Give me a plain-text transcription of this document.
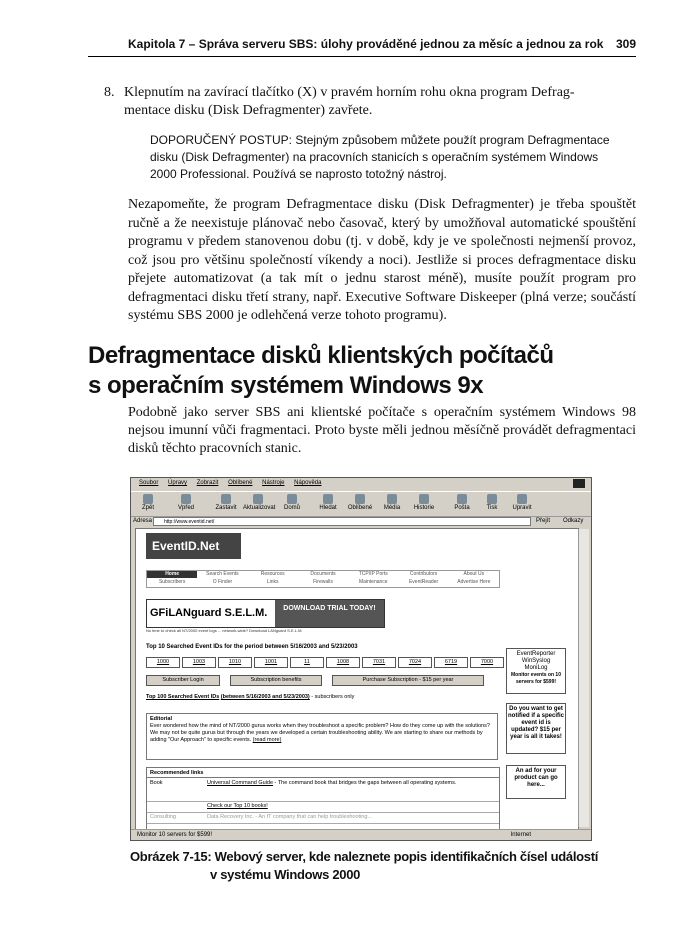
Kapitola 7 – Správa serveru SBS: úlohy prováděné jednou za měsíc a jednou za rok 309
8. Klepnutím na zavírací tlačítko (X) v pravém horním rohu okna program Defrag-
mentace disku (Disk Defragmenter) zavřete.
DOPORUČENÝ POSTUP: Stejným způsobem můžete použít program Defragmentace
disku (Disk Defragmenter) na pracovních stanicích s operačním systémem Windows
2000 Professional. Používá se naprosto totožný nástroj.
Nezapomeňte, že program Defragmentace disku (Disk Defragmenter) je třeba spouštět ručně a že neexistuje plánovač nebo časovač, který by umožňoval automatické spouštění programu v předem stanovenou dobu (tj. v době, kdy je ve společnosti nejmenší provoz, což jsou pro většinu společností víkendy a noci). Jestliže si proces defragmentace disku přejete automatizovat (a tak mít o jednu starost méně), musíte použít program pro defragmentaci disku třetí strany, např. Executive Software Diskeeper (plná verze; součástí systému SBS 2000 je odlehčená verze tohoto programu).
Defragmentace disků klientských počítačů
s operačním systémem Windows 9x
Podobně jako server SBS ani klientské počítače s operačním systémem Windows 98 nejsou imunní vůči fragmentaci. Proto byste měli jednou měsíčně provádět defragmentaci disků těchto pracovních stanic.
Soubor Úpravy Zobrazit Oblíbené Nástroje Nápověda
Zpět	Vpřed	Zastavit	Aktualizovat	Domů	Hledat	Oblíbené	Média	Historie	Pošta	Tisk	Upravit
Adresa	http://www.eventid.net/	Přejít Odkazy
EventID.Net
Home	Search Events	Resources	Documents	TCP/IP Ports	Contributors	About Us
Subscribers	O Finder	Links	Firewalls	Maintenance	EventReader	Advertise Here
GFiLANguard S.E.L.M.	DOWNLOAD TRIAL TODAY!
No time to check all NT/2000 event logs ... network-wide? Download LANguard S.E.L.M.
Top 10 Searched Event IDs for the period between 5/16/2003 and 5/23/2003
1000	1003	1010	1001	11	1008	7031	7024	6719	7000
Subscriber Login	Subscription benefits	Purchase Subscription - $15 per year
Top 100 Searched Event IDs (between 5/16/2003 and 5/23/2003) - subscribers only
Editorial
Ever wondered how the mind of NT/2000 gurus works when they troubleshoot a specific problem? How do they come up with the solutions? We may not be quite gurus but through the years we developed a certain troubleshooting ability. We are starting to share our methods by adding "Our Approach" to specific events. (read more)
Recommended links
Book	Universal Command Guide - The command book that bridges the gaps between all operating systems.
Check our Top 10 books!
Consulting	Data Recovery Inc. - An IT company that can help troubleshooting...
EventReporter
WinSyslog
MoniLog
Monitor events on 10 servers for $599!
Do you want to get notified if a specific event id is updated? $15 per year is all it takes!
An ad for your product can go here...
Monitor 10 servers for $599!	Internet
Obrázek 7-15: Webový server, kde naleznete popis identifikačních čísel událostí
v systému Windows 2000
